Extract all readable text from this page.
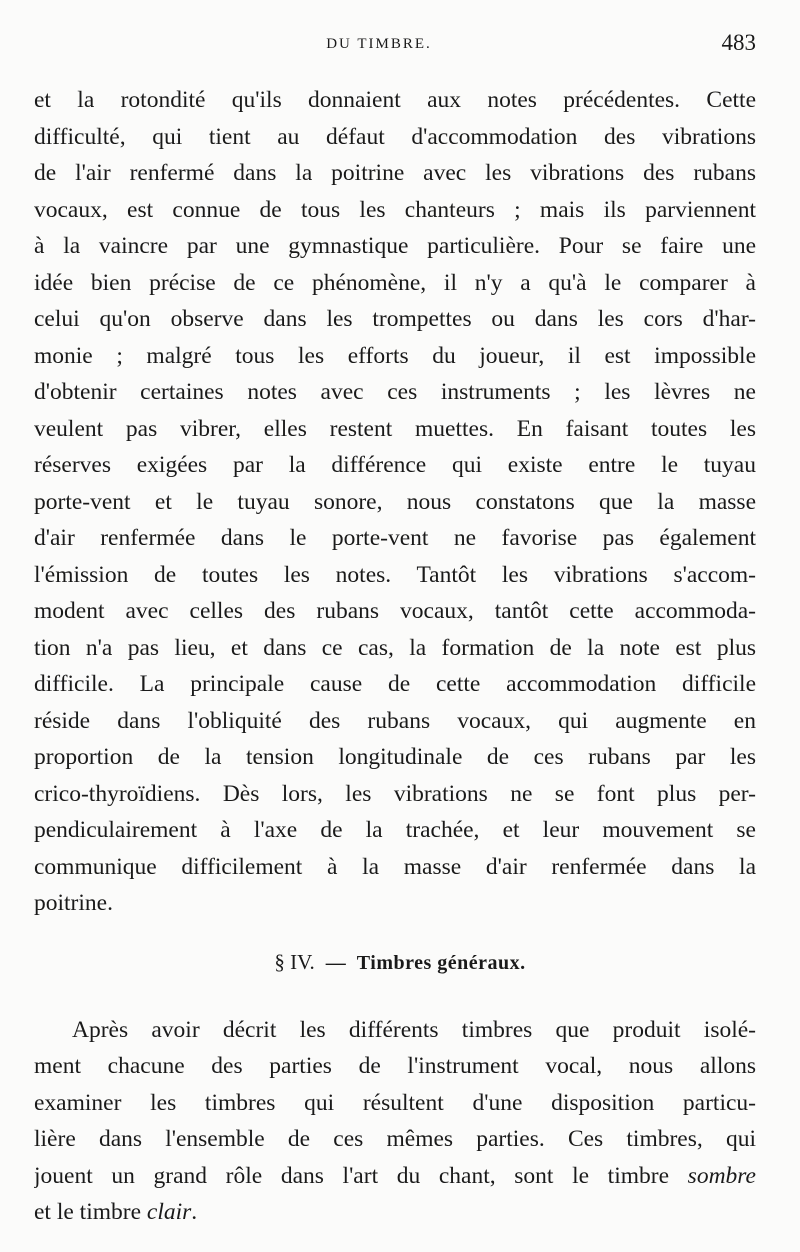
DU TIMBRE.	483
et la rotondité qu'ils donnaient aux notes précédentes. Cette
difficulté, qui tient au défaut d'accommodation des vibrations
de l'air renfermé dans la poitrine avec les vibrations des rubans
vocaux, est connue de tous les chanteurs ; mais ils parviennent
à la vaincre par une gymnastique particulière. Pour se faire une
idée bien précise de ce phénomène, il n'y a qu'à le comparer à
celui qu'on observe dans les trompettes ou dans les cors d'har-
monie ; malgré tous les efforts du joueur, il est impossible
d'obtenir certaines notes avec ces instruments ; les lèvres ne
veulent pas vibrer, elles restent muettes. En faisant toutes les
réserves exigées par la différence qui existe entre le tuyau
porte-vent et le tuyau sonore, nous constatons que la masse
d'air renfermée dans le porte-vent ne favorise pas également
l'émission de toutes les notes. Tantôt les vibrations s'accom-
modent avec celles des rubans vocaux, tantôt cette accommoda-
tion n'a pas lieu, et dans ce cas, la formation de la note est plus
difficile. La principale cause de cette accommodation difficile
réside dans l'obliquité des rubans vocaux, qui augmente en
proportion de la tension longitudinale de ces rubans par les
crico-thyroïdiens. Dès lors, les vibrations ne se font plus per-
pendiculairement à l'axe de la trachée, et leur mouvement se
communique difficilement à la masse d'air renfermée dans la
poitrine.
§ IV. — Timbres généraux.
Après avoir décrit les différents timbres que produit isolé-
ment chacune des parties de l'instrument vocal, nous allons
examiner les timbres qui résultent d'une disposition particu-
lière dans l'ensemble de ces mêmes parties. Ces timbres, qui
jouent un grand rôle dans l'art du chant, sont le timbre sombre
et le timbre clair.
